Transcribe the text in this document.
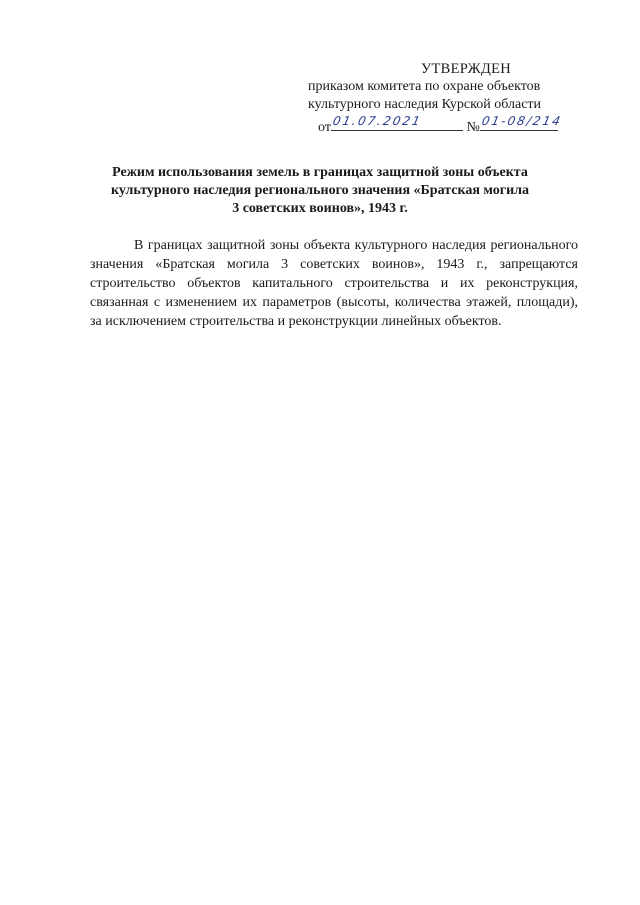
УТВЕРЖДЕН
приказом комитета по охране объектов
культурного наследия Курской области
от 01.07.2021	№ 01-08/214
Режим использования земель в границах защитной зоны объекта
культурного наследия регионального значения «Братская могила
3 советских воинов», 1943 г.
В границах защитной зоны объекта культурного наследия регионального значения «Братская могила 3 советских воинов», 1943 г., запрещаются строительство объектов капитального строительства и их реконструкция, связанная с изменением их параметров (высоты, количества этажей, площади), за исключением строительства и реконструкции линейных объектов.
